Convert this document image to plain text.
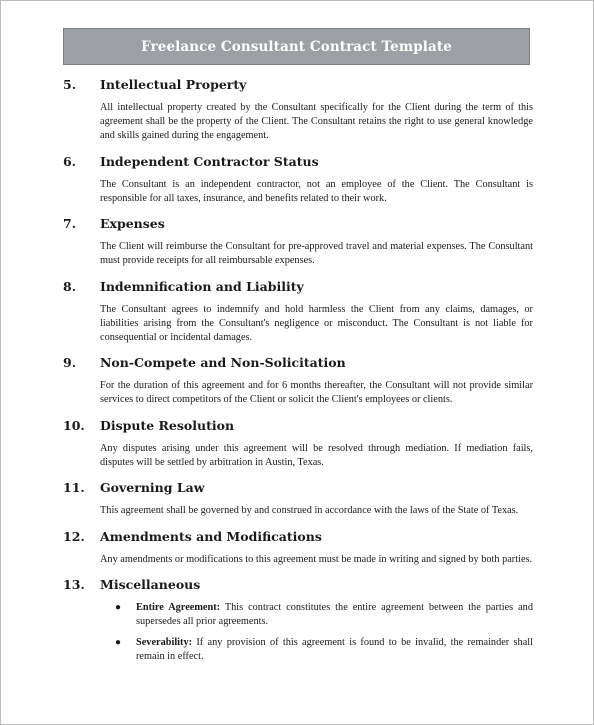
Freelance Consultant Contract Template
5.	Intellectual Property

All intellectual property created by the Consultant specifically for the Client during the term of this agreement shall be the property of the Client. The Consultant retains the right to use general knowledge and skills gained during the engagement.

6.	Independent Contractor Status

The Consultant is an independent contractor, not an employee of the Client. The Consultant is responsible for all taxes, insurance, and benefits related to their work.

7.	Expenses

The Client will reimburse the Consultant for pre-approved travel and material expenses. The Consultant must provide receipts for all reimbursable expenses.

8.	Indemnification and Liability

The Consultant agrees to indemnify and hold harmless the Client from any claims, damages, or liabilities arising from the Consultant's negligence or misconduct. The Consultant is not liable for consequential or incidental damages.

9.	Non-Compete and Non-Solicitation

For the duration of this agreement and for 6 months thereafter, the Consultant will not provide similar services to direct competitors of the Client or solicit the Client's employees or clients.

10.	Dispute Resolution

Any disputes arising under this agreement will be resolved through mediation. If mediation fails, disputes will be settled by arbitration in Austin, Texas.

11.	Governing Law

This agreement shall be governed by and construed in accordance with the laws of the State of Texas.

12.	Amendments and Modifications

Any amendments or modifications to this agreement must be made in writing and signed by both parties.

13.	Miscellaneous
● Entire Agreement: This contract constitutes the entire agreement between the parties and supersedes all prior agreements.
● Severability: If any provision of this agreement is found to be invalid, the remainder shall remain in effect.
